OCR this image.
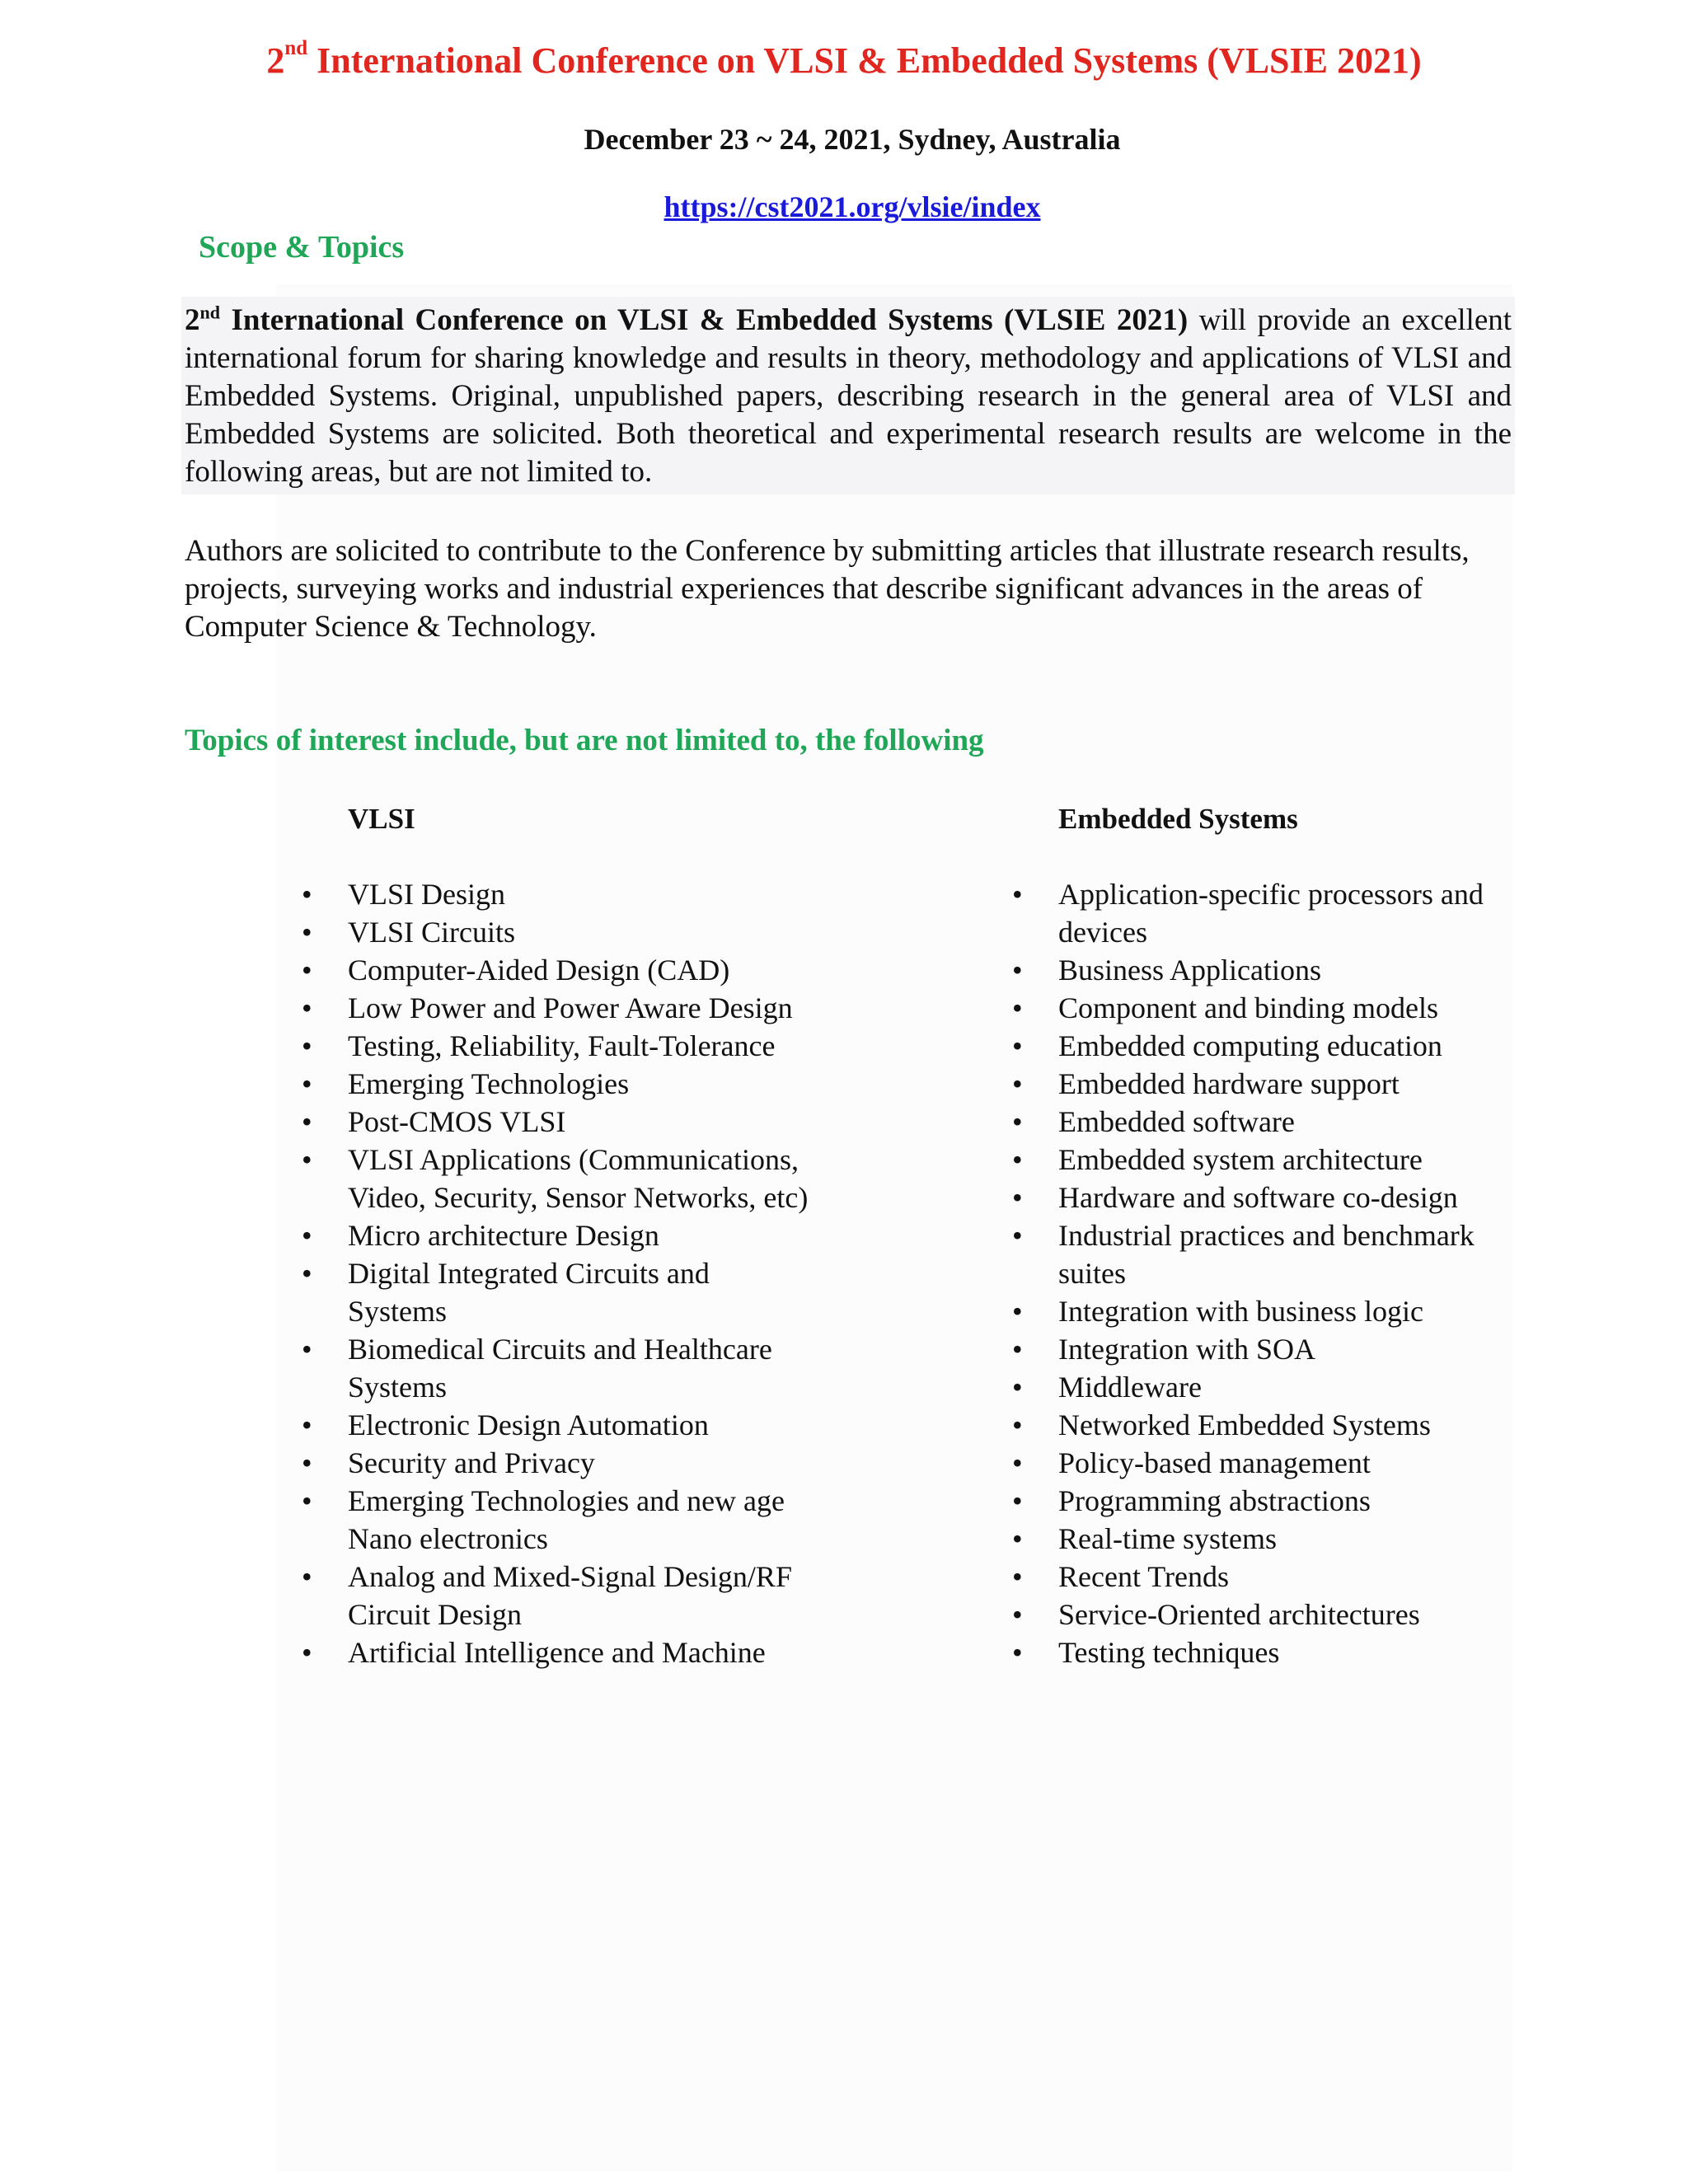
2nd International Conference on VLSI & Embedded Systems (VLSIE 2021)
December 23 ~ 24, 2021, Sydney, Australia
https://cst2021.org/vlsie/index
Scope & Topics
2nd International Conference on VLSI & Embedded Systems (VLSIE 2021) will provide an excellent international forum for sharing knowledge and results in theory, methodology and applications of VLSI and Embedded Systems. Original, unpublished papers, describing research in the general area of VLSI and Embedded Systems are solicited. Both theoretical and experimental research results are welcome in the following areas, but are not limited to.
Authors are solicited to contribute to the Conference by submitting articles that illustrate research results, projects, surveying works and industrial experiences that describe significant advances in the areas of Computer Science & Technology.
Topics of interest include, but are not limited to, the following
VLSI	Embedded Systems
• VLSI Design
• VLSI Circuits
• Computer-Aided Design (CAD)
• Low Power and Power Aware Design
• Testing, Reliability, Fault-Tolerance
• Emerging Technologies
• Post-CMOS VLSI
• VLSI Applications (Communications, Video, Security, Sensor Networks, etc)
• Micro architecture Design
• Digital Integrated Circuits and Systems
• Biomedical Circuits and Healthcare Systems
• Electronic Design Automation
• Security and Privacy
• Emerging Technologies and new age Nano electronics
• Analog and Mixed-Signal Design/RF Circuit Design
• Artificial Intelligence and Machine
• Application-specific processors and devices
• Business Applications
• Component and binding models
• Embedded computing education
• Embedded hardware support
• Embedded software
• Embedded system architecture
• Hardware and software co-design
• Industrial practices and benchmark suites
• Integration with business logic
• Integration with SOA
• Middleware
• Networked Embedded Systems
• Policy-based management
• Programming abstractions
• Real-time systems
• Recent Trends
• Service-Oriented architectures
• Testing techniques
